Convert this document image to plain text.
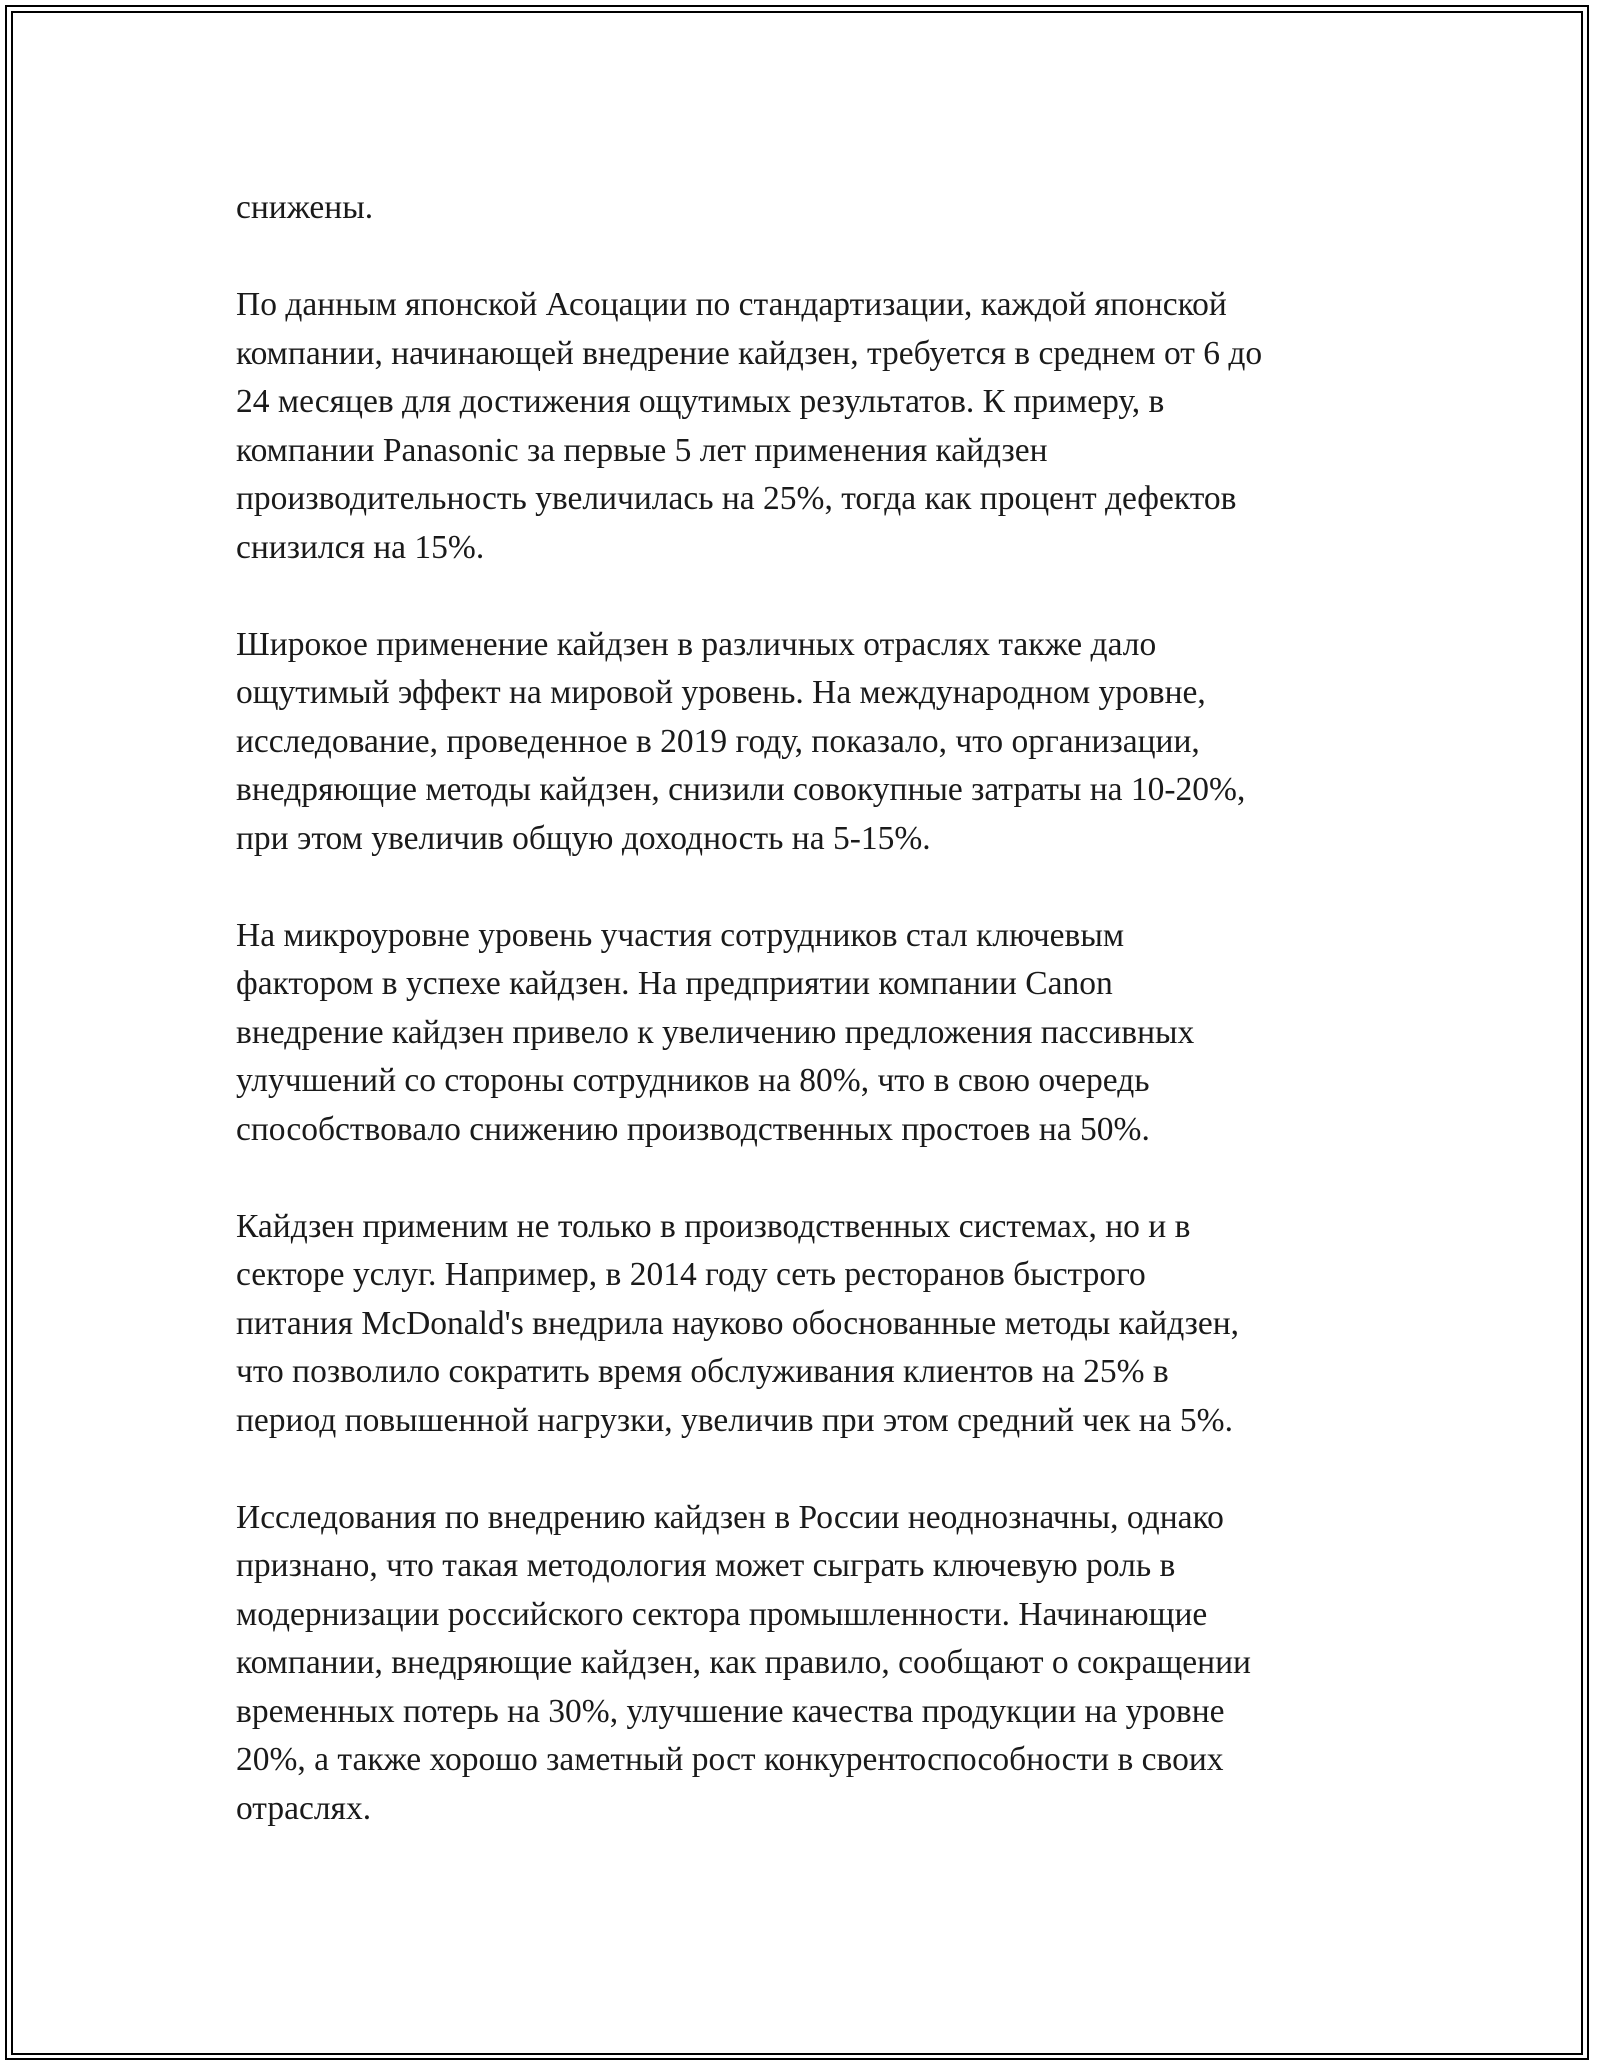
снижены.

По данным японской Асоцации по стандартизации, каждой японской
компании, начинающей внедрение кайдзен, требуется в среднем от 6 до
24 месяцев для достижения ощутимых результатов. К примеру, в
компании Panasonic за первые 5 лет применения кайдзен
производительность увеличилась на 25%, тогда как процент дефектов
снизился на 15%.

Широкое применение кайдзен в различных отраслях также дало
ощутимый эффект на мировой уровень. На международном уровне,
исследование, проведенное в 2019 году, показало, что организации,
внедряющие методы кайдзен, снизили совокупные затраты на 10-20%,
при этом увеличив общую доходность на 5-15%.

На микроуровне уровень участия сотрудников стал ключевым
фактором в успехе кайдзен. На предприятии компании Canon
внедрение кайдзен привело к увеличению предложения пассивных
улучшений со стороны сотрудников на 80%, что в свою очередь
способствовало снижению производственных простоев на 50%.

Кайдзен применим не только в производственных системах, но и в
секторе услуг. Например, в 2014 году сеть ресторанов быстрого
питания McDonald's внедрила науково обоснованные методы кайдзен,
что позволило сократить время обслуживания клиентов на 25% в
период повышенной нагрузки, увеличив при этом средний чек на 5%.

Исследования по внедрению кайдзен в России неоднозначны, однако
признано, что такая методология может сыграть ключевую роль в
модернизации российского сектора промышленности. Начинающие
компании, внедряющие кайдзен, как правило, сообщают о сокращении
временных потерь на 30%, улучшение качества продукции на уровне
20%, а также хорошо заметный рост конкурентоспособности в своих
отраслях.
